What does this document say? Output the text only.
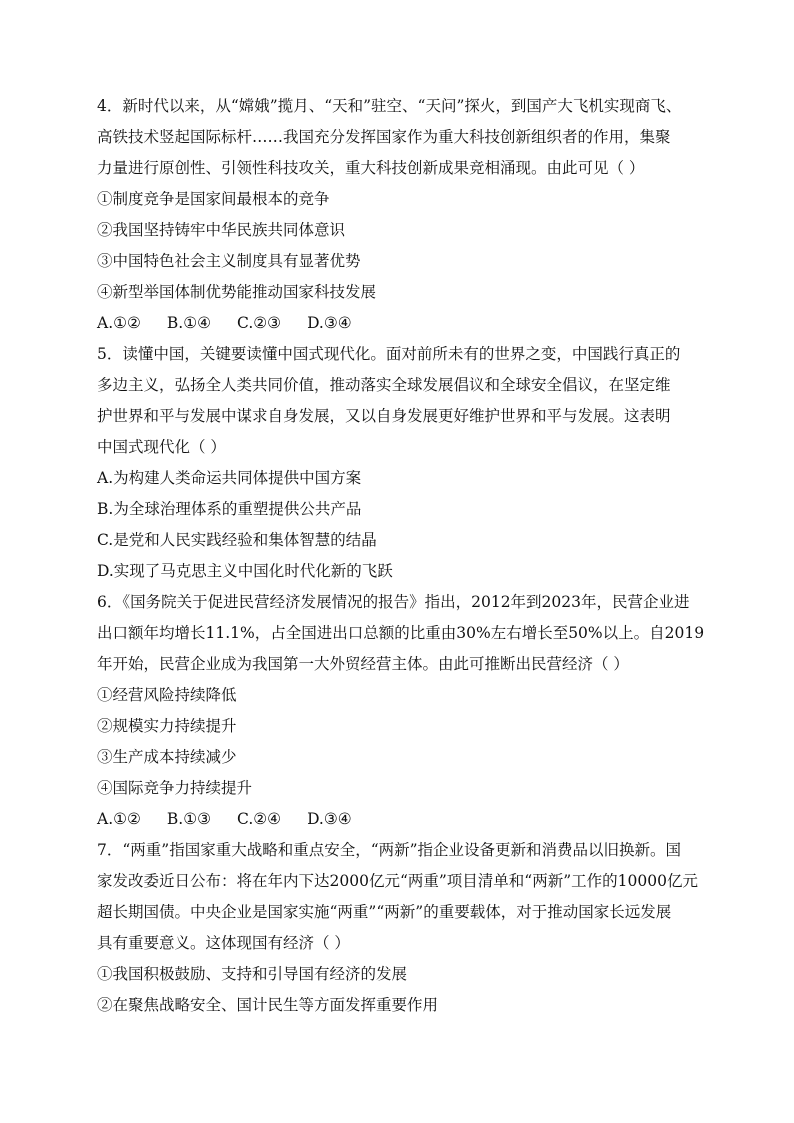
4．新时代以来，从“嫦娥”揽月、“天和”驻空、“天问”探火，到国产大飞机实现商飞、
高铁技术竖起国际标杆……我国充分发挥国家作为重大科技创新组织者的作用，集聚
力量进行原创性、引领性科技攻关，重大科技创新成果竞相涌现。由此可见（ ）
①制度竞争是国家间最根本的竞争
②我国坚持铸牢中华民族共同体意识
③中国特色社会主义制度具有显著优势
④新型举国体制优势能推动国家科技发展
A.①② B.①④ C.②③ D.③④
5．读懂中国，关键要读懂中国式现代化。面对前所未有的世界之变，中国践行真正的
多边主义，弘扬全人类共同价值，推动落实全球发展倡议和全球安全倡议，在坚定维
护世界和平与发展中谋求自身发展，又以自身发展更好维护世界和平与发展。这表明
中国式现代化（ ）
A.为构建人类命运共同体提供中国方案
B.为全球治理体系的重塑提供公共产品
C.是党和人民实践经验和集体智慧的结晶
D.实现了马克思主义中国化时代化新的飞跃
6．《国务院关于促进民营经济发展情况的报告》指出，2012年到2023年，民营企业进
出口额年均增长11.1%，占全国进出口总额的比重由30%左右增长至50%以上。自2019
年开始，民营企业成为我国第一大外贸经营主体。由此可推断出民营经济（ ）
①经营风险持续降低
②规模实力持续提升
③生产成本持续减少
④国际竞争力持续提升
A.①② B.①③ C.②④ D.③④
7．“两重”指国家重大战略和重点安全，“两新”指企业设备更新和消费品以旧换新。国
家发改委近日公布：将在年内下达2000亿元“两重”项目清单和“两新”工作的10000亿元
超长期国债。中央企业是国家实施“两重”“两新”的重要载体，对于推动国家长远发展
具有重要意义。这体现国有经济（ ）
①我国积极鼓励、支持和引导国有经济的发展
②在聚焦战略安全、国计民生等方面发挥重要作用
